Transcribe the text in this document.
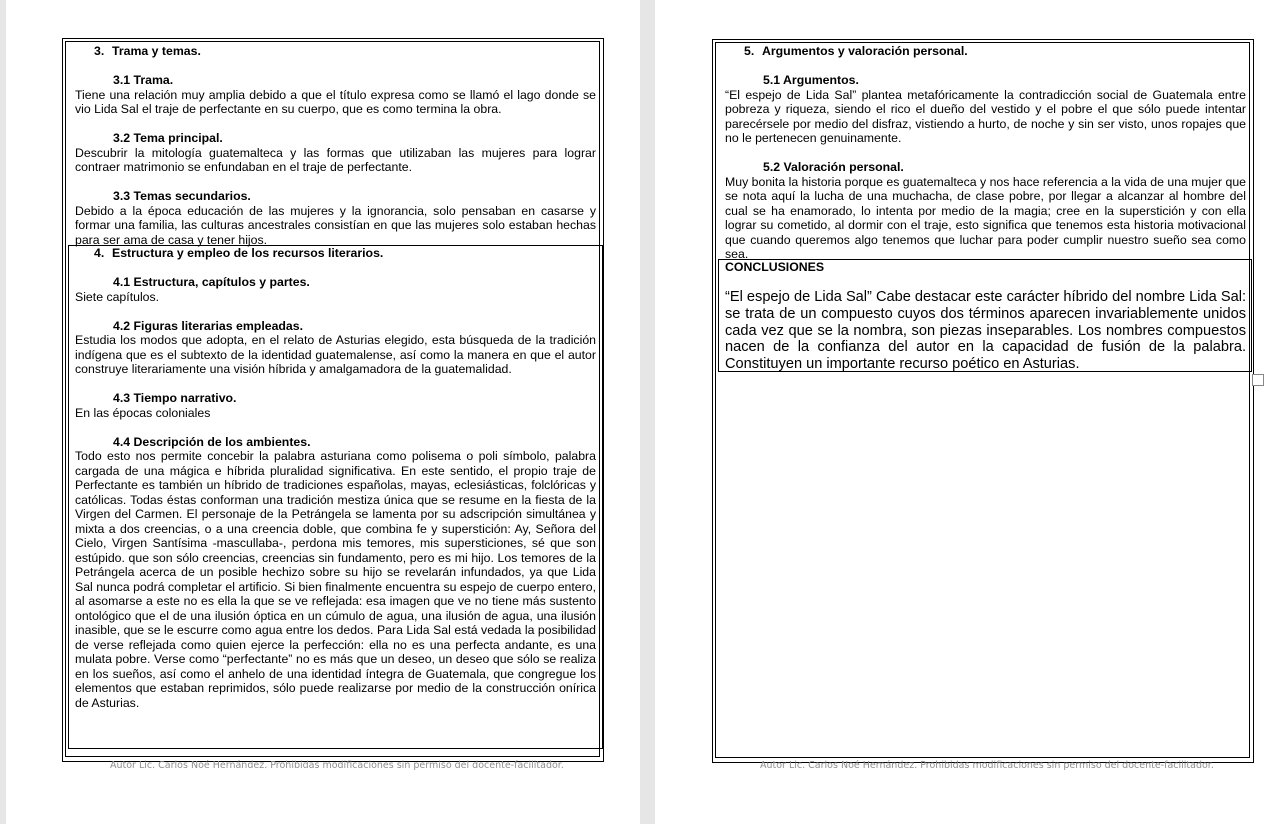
3. Trama y temas.

3.1 Trama.

Tiene una relación muy amplia debido a que el título expresa como se llamó el lago donde se vio Lida Sal el traje de perfectante en su cuerpo, que es como termina la obra.

3.2 Tema principal.

Descubrir la mitología guatemalteca y las formas que utilizaban las mujeres para lograr contraer matrimonio se enfundaban en el traje de perfectante.

3.3 Temas secundarios.

Debido a la época educación de las mujeres y la ignorancia, solo pensaban en casarse y formar una familia, las culturas ancestrales consistían en que las mujeres solo estaban hechas para ser ama de casa y tener hijos.

4. Estructura y empleo de los recursos literarios.

4.1 Estructura, capítulos y partes.

Siete capítulos.

4.2 Figuras literarias empleadas.

Estudia los modos que adopta, en el relato de Asturias elegido, esta búsqueda de la tradición indígena que es el subtexto de la identidad guatemalense, así como la manera en que el autor construye literariamente una visión híbrida y amalgamadora de la guatemalidad.

4.3 Tiempo narrativo.

En las épocas coloniales

4.4 Descripción de los ambientes.

Todo esto nos permite concebir la palabra asturiana como polisema o poli símbolo, palabra cargada de una mágica e híbrida pluralidad significativa. En este sentido, el propio traje de Perfectante es también un híbrido de tradiciones españolas, mayas, eclesiásticas, folclóricas y católicas. Todas éstas conforman una tradición mestiza única que se resume en la fiesta de la Virgen del Carmen. El personaje de la Petrángela se lamenta por su adscripción simultánea y mixta a dos creencias, o a una creencia doble, que combina fe y superstición: Ay, Señora del Cielo, Virgen Santísima -mascullaba-, perdona mis temores, mis supersticiones, sé que son estúpido. que son sólo creencias, creencias sin fundamento, pero es mi hijo. Los temores de la Petrángela acerca de un posible hechizo sobre su hijo se revelarán infundados, ya que Lida Sal nunca podrá completar el artificio. Si bien finalmente encuentra su espejo de cuerpo entero, al asomarse a este no es ella la que se ve reflejada: esa imagen que ve no tiene más sustento ontológico que el de una ilusión óptica en un cúmulo de agua, una ilusión de agua, una ilusión inasible, que se le escurre como agua entre los dedos. Para Lida Sal está vedada la posibilidad de verse reflejada como quien ejerce la perfección: ella no es una perfecta andante, es una mulata pobre. Verse como “perfectante” no es más que un deseo, un deseo que sólo se realiza en los sueños, así como el anhelo de una identidad íntegra de Guatemala, que congregue los elementos que estaban reprimidos, sólo puede realizarse por medio de la construcción onírica de Asturias.

Autor Lic. Carlos Noé Hernández. Prohibidas modificaciones sin permiso del docente-facilitador.

5. Argumentos y valoración personal.

5.1 Argumentos.

“El espejo de Lida Sal” plantea metafóricamente la contradicción social de Guatemala entre pobreza y riqueza, siendo el rico el dueño del vestido y el pobre el que sólo puede intentar parecérsele por medio del disfraz, vistiendo a hurto, de noche y sin ser visto, unos ropajes que no le pertenecen genuinamente.

5.2 Valoración personal.

Muy bonita la historia porque es guatemalteca y nos hace referencia a la vida de una mujer que se nota aquí la lucha de una muchacha, de clase pobre, por llegar a alcanzar al hombre del cual se ha enamorado, lo intenta por medio de la magia; cree en la superstición y con ella lograr su cometido, al dormir con el traje, esto significa que tenemos esta historia motivacional que cuando queremos algo tenemos que luchar para poder cumplir nuestro sueño sea como sea.

CONCLUSIONES

“El espejo de Lida Sal” Cabe destacar este carácter híbrido del nombre Lida Sal: se trata de un compuesto cuyos dos términos aparecen invariablemente unidos cada vez que se la nombra, son piezas inseparables. Los nombres compuestos nacen de la confianza del autor en la capacidad de fusión de la palabra. Constituyen un importante recurso poético en Asturias.

Autor Lic. Carlos Noé Hernández. Prohibidas modificaciones sin permiso del docente-facilitador.
